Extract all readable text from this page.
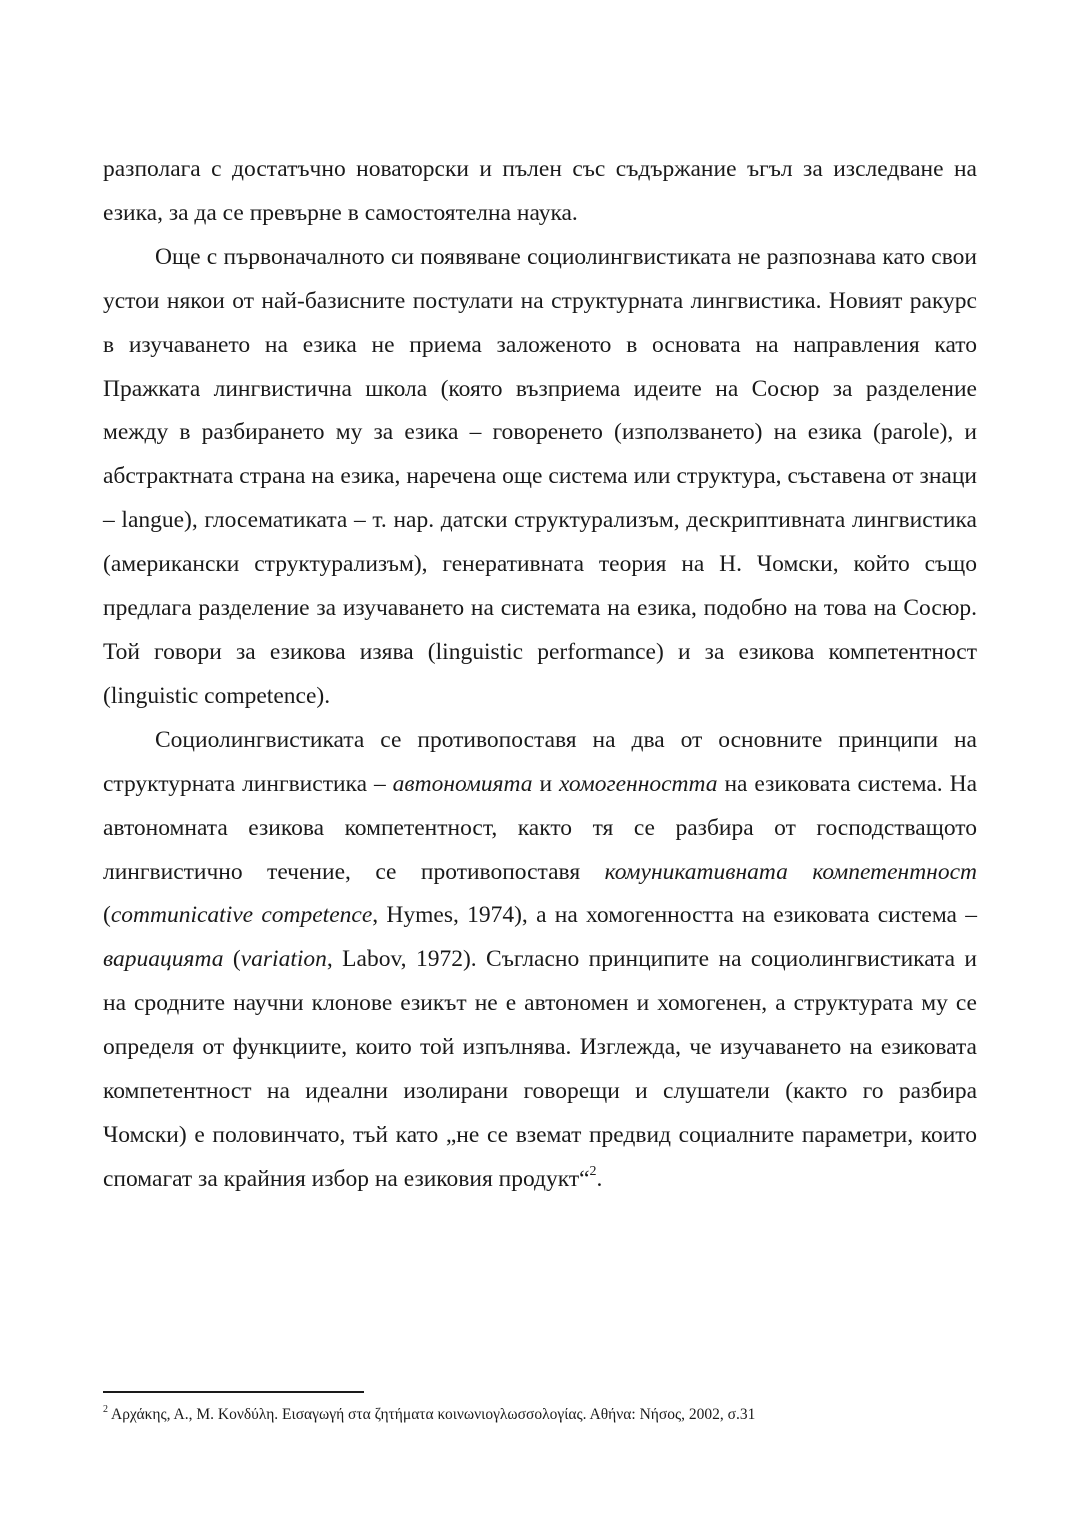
разполага с достатъчно новаторски и пълен със съдържание ъгъл за изследване на езика, за да се превърне в самостоятелна наука.

Още с първоначалното си появяване социолингвистиката не разпознава като свои устои някои от най-базисните постулати на структурната лингвистика. Новият ракурс в изучаването на езика не приема заложеното в основата на направления като Пражката лингвистична школа (която възприема идеите на Сосюр за разделение между в разбирането му за езика – говоренето (използването) на езика (parole), и абстрактната страна на езика, наречена още система или структура, съставена от знаци – langue), глосематиката – т. нар. датски структурализъм, дескриптивната лингвистика (американски структурализъм), генеративната теория на Н. Чомски, който също предлага разделение за изучаването на системата на езика, подобно на това на Сосюр. Той говори за езикова изява (linguistic performance) и за езикова компетентност (linguistic competence).

Социолингвистиката се противопоставя на два от основните принципи на структурната лингвистика – автономията и хомогенността на езиковата система. На автономната езикова компетентност, както тя се разбира от господстващото лингвистично течение, се противопоставя комуникативната компетентност (communicative competence, Hymes, 1974), а на хомогенността на езиковата система – вариацията (variation, Labov, 1972). Съгласно принципите на социолингвистиката и на сродните научни клонове езикът не е автономен и хомогенен, а структурата му се определя от функциите, които той изпълнява. Изглежда, че изучаването на езиковата компетентност на идеални изолирани говорещи и слушатели (както го разбира Чомски) е половинчато, тъй като „не се вземат предвид социалните параметри, които спомагат за крайния избор на езиковия продукт“$^2$.

$^2$ Αρχάκης, Α., Μ. Κονδύλη. Εισαγωγή στα ζητήματα κοινωνιογλωσσολογίας. Αθήνα: Νήσος, 2002, σ.31
